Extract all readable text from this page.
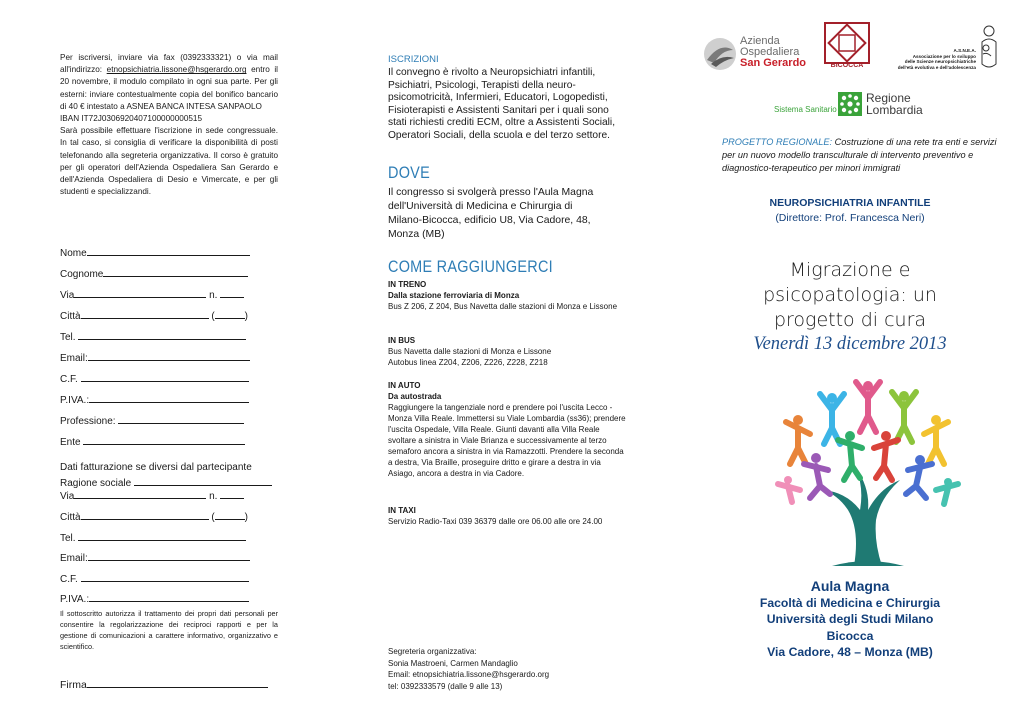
Per iscriversi, inviare via fax (0392333321) o via mail all'indirizzo: etnopsichiatria.lissone@hsgerardo.org entro il 20 novembre, il modulo compilato in ogni sua parte. Per gli esterni: inviare contestualmente copia del bonifico bancario di 40 € intestato a ASNEA BANCA INTESA SANPAOLO

IBAN IT72J0306920407100000000515

Sarà possibile effettuare l'iscrizione in sede congressuale. In tal caso, si consiglia di verificare la disponibilità di posti telefonando alla segreteria organizzativa. Il corso è gratuito per gli operatori dell'Azienda Ospedaliera San Gerardo e dell'Azienda Ospedaliera di Desio e Vimercate, e per gli studenti e specializzandi.

Nome
Cognome
Via	n.
Città	(	)
Tel.
Email:
C.F.
P.IVA.:
Professione:
Ente
Dati fatturazione se diversi dal partecipante
Ragione sociale
Via	n.
Città	(	)
Tel.
Email:
C.F.
P.IVA.:
Il sottoscritto autorizza il trattamento dei propri dati personali per consentire la regolarizzazione dei reciproci rapporti e per la gestione di comunicazioni a carattere informativo, organizzativo e scientifico.
Firma
ISCRIZIONI
Il convegno è rivolto a Neuropsichiatri infantili, Psichiatri, Psicologi, Terapisti della neuro-psicomotricità, Infermieri, Educatori, Logopedisti, Fisioterapisti e Assistenti Sanitari per i quali sono stati richiesti crediti ECM, oltre a Assistenti Sociali, Operatori Sociali, della scuola e del terzo settore.
DOVE
Il congresso si svolgerà presso l'Aula Magna dell'Università di Medicina e Chirurgia di Milano-Bicocca, edificio U8, Via Cadore, 48, Monza (MB)
COME RAGGIUNGERCI
IN TRENO
Dalla stazione ferroviaria di Monza
Bus Z 206, Z 204, Bus Navetta dalle stazioni di Monza e Lissone
IN BUS
Bus Navetta dalle stazioni di Monza e Lissone
Autobus linea Z204, Z206, Z226, Z228, Z218
IN AUTO
Da autostrada
Raggiungere la tangenziale nord e prendere poi l'uscita Lecco - Monza Villa Reale. Immettersi su Viale Lombardia (ss36); prendere l'uscita Ospedale, Villa Reale. Giunti davanti alla Villa Reale svoltare a sinistra in Viale Brianza e successivamente al terzo semaforo ancora a sinistra in via Ramazzotti. Prendere la seconda a destra, Via Braille, proseguire dritto e girare a destra in via Asiago, ancora a destra in via Cadore.
IN TAXI
Servizio Radio-Taxi 039 36379 dalle ore 06.00 alle ore 24.00
Segreteria organizzativa:
Sonia Mastroeni, Carmen Mandaglio
Email: etnopsichiatria.lissone@hsgerardo.org
tel: 0392333579 (dalle 9 alle 13)
Azienda
Ospedaliera
San Gerardo	BICOCCA
A.S.N.E.A.
Associazione per lo sviluppo
delle Scienze neuropsichiatriche
dell'età evolutiva e dell'adolescenza
Sistema Sanitario
Regione
Lombardia
PROGETTO REGIONALE: Costruzione di una rete tra enti e servizi per un nuovo modello transculturale di intervento preventivo e diagnostico-terapeutico per minori immigrati
NEUROPSICHIATRIA INFANTILE
(Direttore: Prof. Francesca Neri)
Migrazione e
psicopatologia: un
progetto di cura
Venerdì 13 dicembre 2013
Aula Magna
Facoltà di Medicina e Chirurgia
Università degli Studi Milano
Bicocca
Via Cadore, 48 – Monza (MB)
